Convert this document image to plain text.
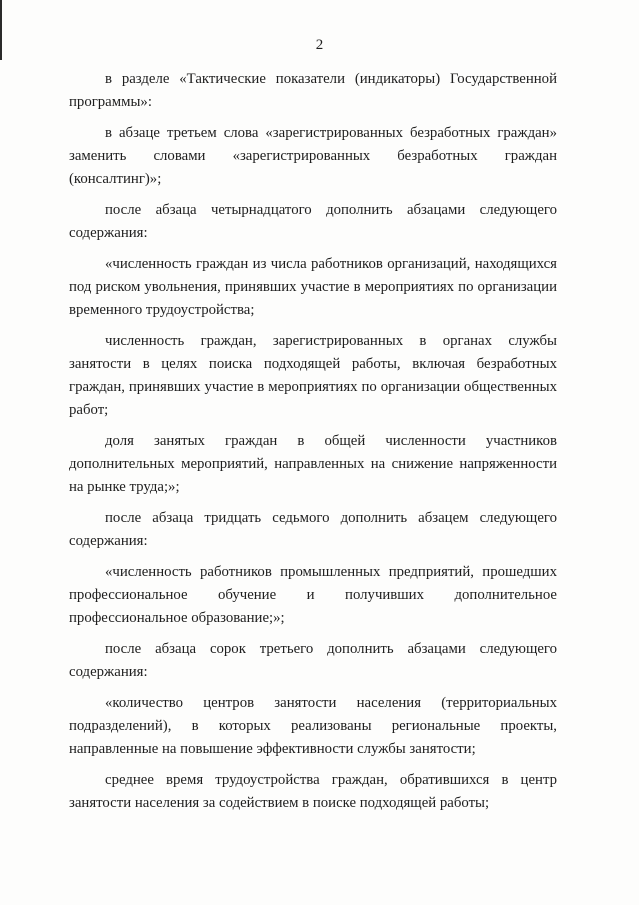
2

в разделе «Тактические показатели (индикаторы) Государственной программы»:

в абзаце третьем слова «зарегистрированных безработных граждан» заменить словами «зарегистрированных безработных граждан (консалтинг)»;

после абзаца четырнадцатого дополнить абзацами следующего содержания:

«численность граждан из числа работников организаций, находящихся под риском увольнения, принявших участие в мероприятиях по организации временного трудоустройства;

численность граждан, зарегистрированных в органах службы занятости в целях поиска подходящей работы, включая безработных граждан, принявших участие в мероприятиях по организации общественных работ;

доля занятых граждан в общей численности участников дополнительных мероприятий, направленных на снижение напряженности на рынке труда;»;

после абзаца тридцать седьмого дополнить абзацем следующего содержания:

«численность работников промышленных предприятий, прошедших профессиональное обучение и получивших дополнительное профессиональное образование;»;

после абзаца сорок третьего дополнить абзацами следующего содержания:

«количество центров занятости населения (территориальных подразделений), в которых реализованы региональные проекты, направленные на повышение эффективности службы занятости;

среднее время трудоустройства граждан, обратившихся в центр занятости населения за содействием в поиске подходящей работы;
